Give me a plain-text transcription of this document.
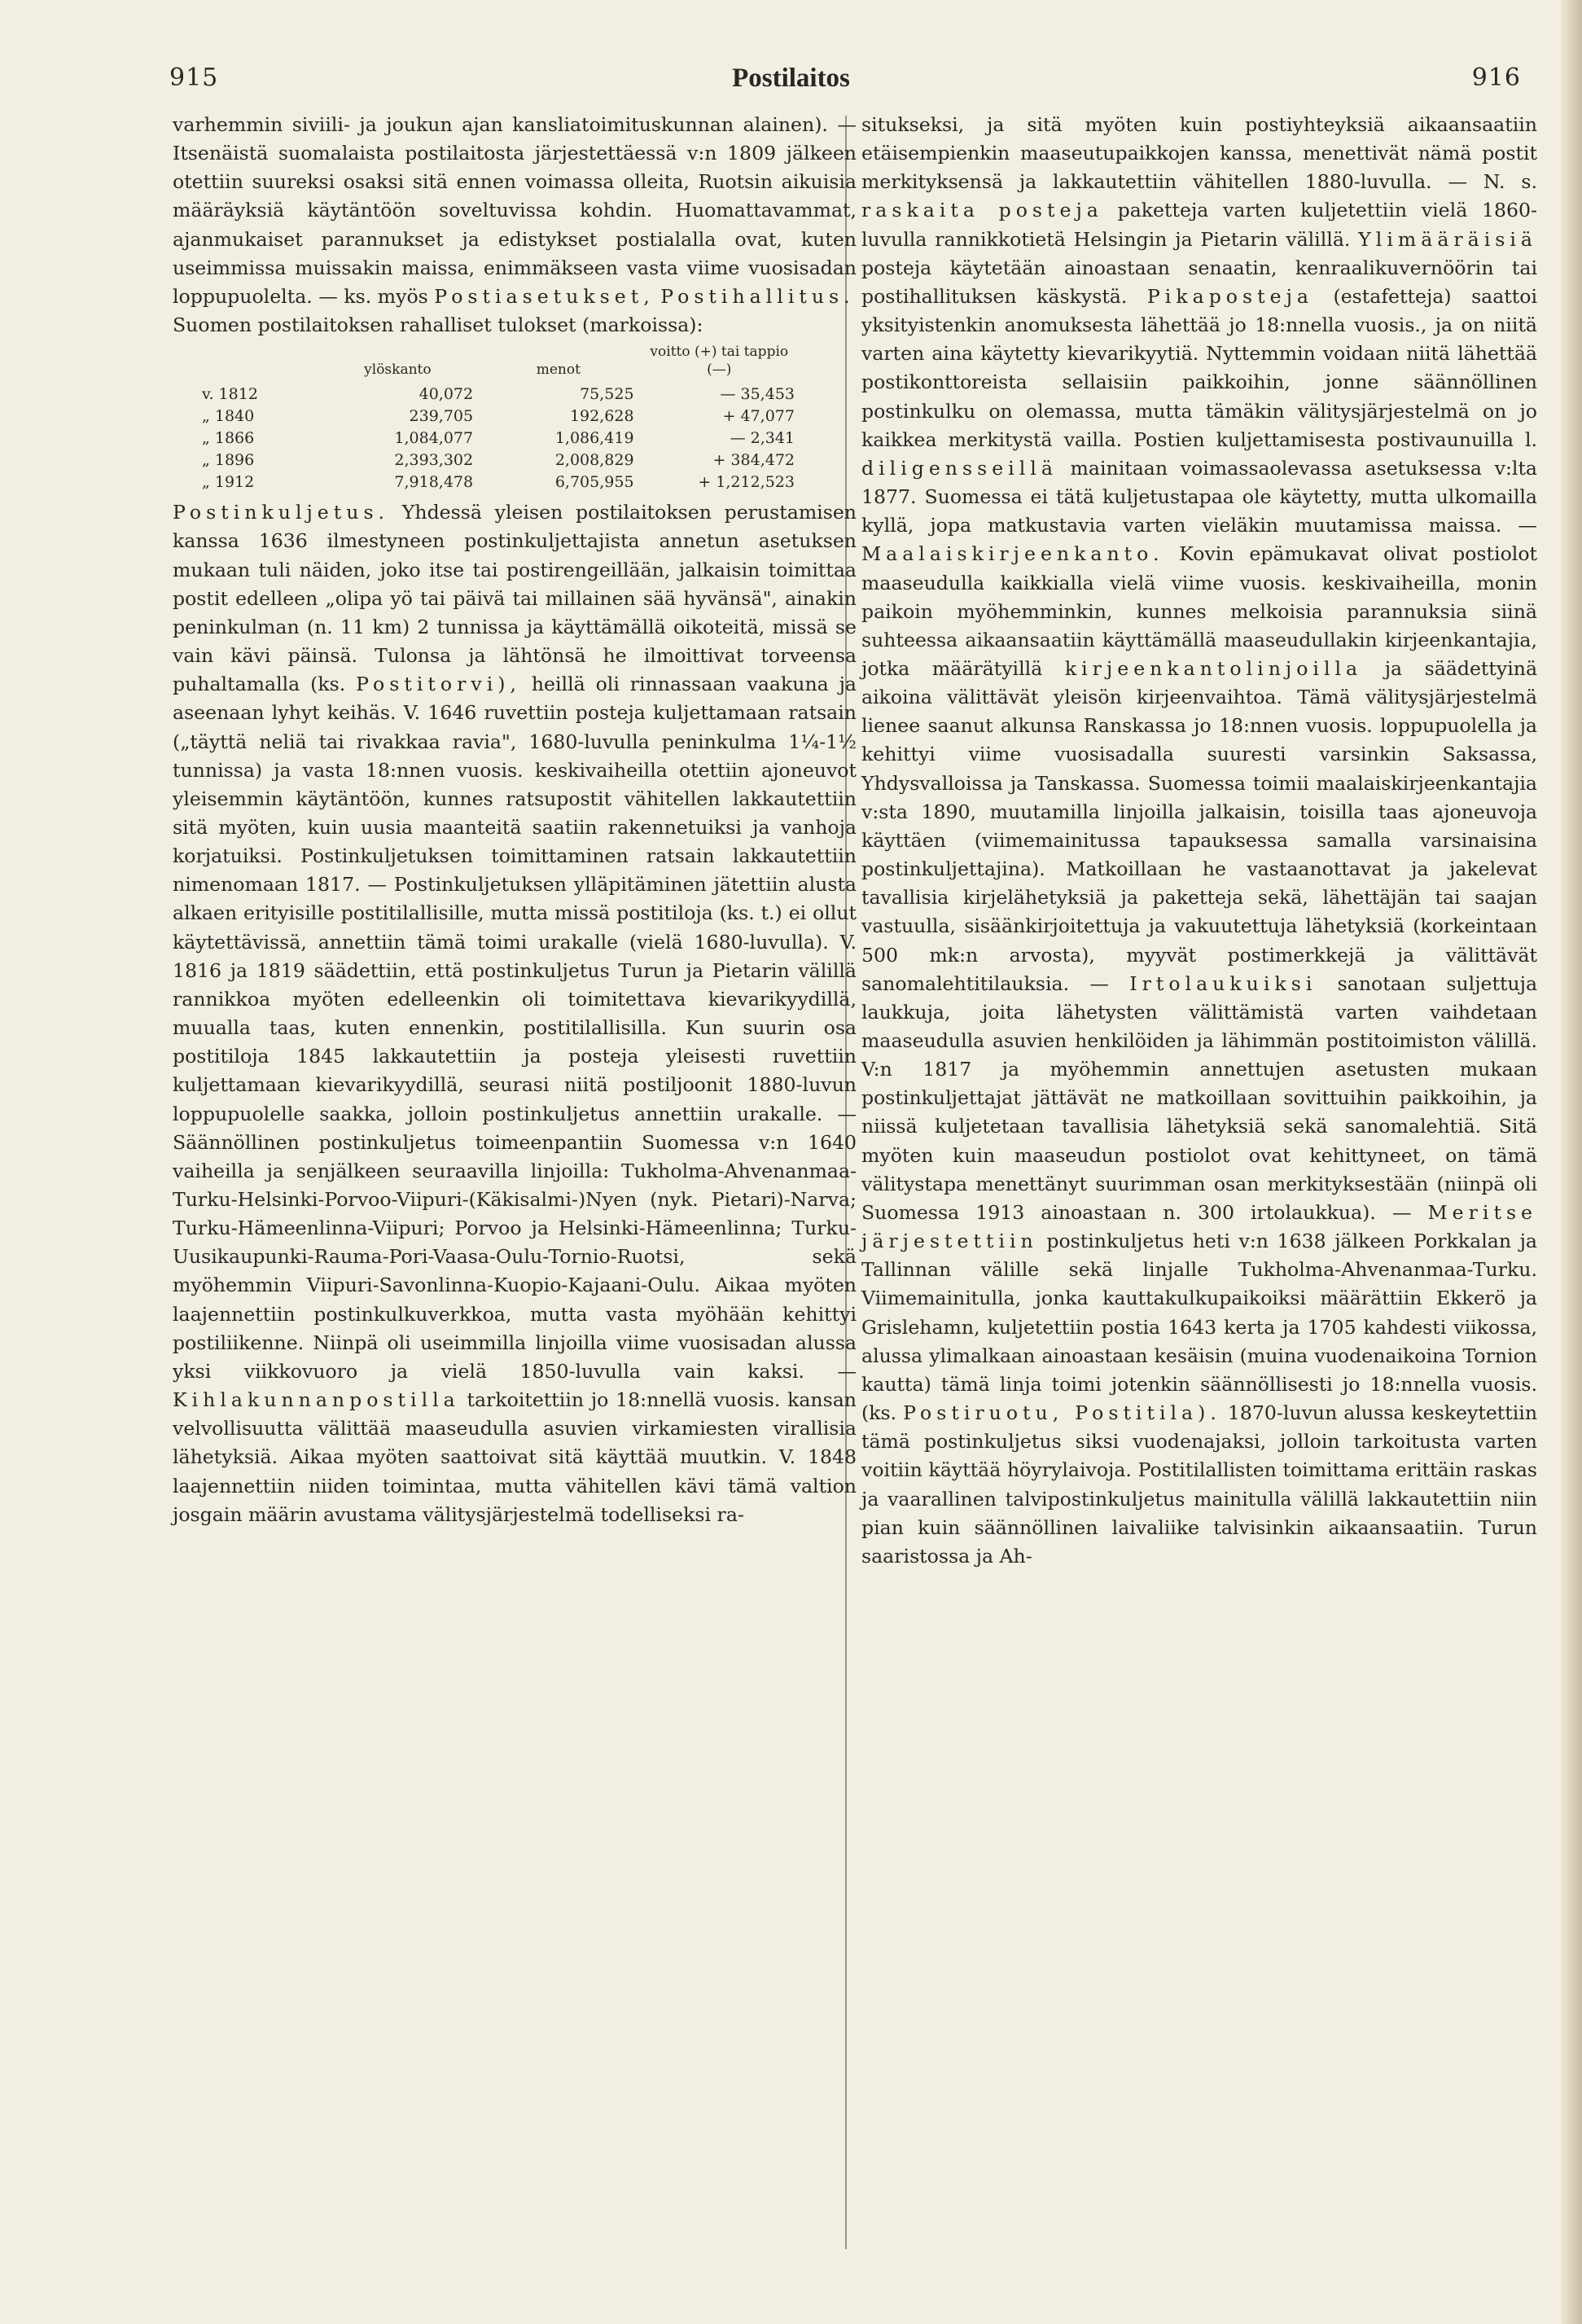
915	Postilaitos	916

varhemmin siviili- ja joukun ajan kansliatoimituskunnan alainen). — Itsenäistä suomalaista postilaitosta järjestettäessä v:n 1809 jälkeen otettiin suureksi osaksi sitä ennen voimassa olleita, Ruotsin aikuisia määräyksiä käytäntöön soveltuvissa kohdin. Huomattavammat, ajanmukaiset parannukset ja edistykset postialalla ovat, kuten useimmissa muissakin maissa, enimmäkseen vasta viime vuosisadan loppupuolelta. — ks. myös Postiasetukset, Postihallitus.

Suomen postilaitoksen rahalliset tulokset (markoissa):

	ylöskanto	menot	voitto (+) tai tappio (—)
v. 1812	40,072	75,525	— 35,453
„ 1840	239,705	192,628	+ 47,077
„ 1866	1,084,077	1,086,419	— 2,341
„ 1896	2,393,302	2,008,829	+ 384,472
„ 1912	7,918,478	6,705,955	+ 1,212,523

Postinkuljetus. Yhdessä yleisen postilaitoksen perustamisen kanssa 1636 ilmestyneen postinkuljettajista annetun asetuksen mukaan tuli näiden, joko itse tai postirengeillään, jalkaisin toimittaa postit edelleen „olipa yö tai päivä tai millainen sää hyvänsä", ainakin peninkulman (n. 11 km) 2 tunnissa ja käyttämällä oikoteitä, missä se vain kävi päinsä. Tulonsa ja lähtönsä he ilmoittivat torveensa puhaltamalla (ks. Postitorvi), heillä oli rinnassaan vaakuna ja aseenaan lyhyt keihäs. V. 1646 ruvettiin posteja kuljettamaan ratsain („täyttä neliä tai rivakkaa ravia", 1680-luvulla peninkulma 1¼-1½ tunnissa) ja vasta 18:nnen vuosis. keskivaiheilla otettiin ajoneuvot yleisemmin käytäntöön, kunnes ratsupostit vähitellen lakkautettiin sitä myöten, kuin uusia maanteitä saatiin rakennetuiksi ja vanhoja korjatuiksi. Postinkuljetuksen toimittaminen ratsain lakkautettiin nimenomaan 1817. — Postinkuljetuksen ylläpitäminen jätettiin alusta alkaen erityisille postitilallisille, mutta missä postitiloja (ks. t.) ei ollut käytettävissä, annettiin tämä toimi urakalle (vielä 1680-luvulla). V. 1816 ja 1819 säädettiin, että postinkuljetus Turun ja Pietarin välillä rannikkoa myöten edelleenkin oli toimitettava kievarikyydillä, muualla taas, kuten ennenkin, postitilallisilla. Kun suurin osa postitiloja 1845 lakkautettiin ja posteja yleisesti ruvettiin kuljettamaan kievarikyydillä, seurasi niitä postiljoonit 1880-luvun loppupuolelle saakka, jolloin postinkuljetus annettiin urakalle. — Säännöllinen postinkuljetus toimeenpantiin Suomessa v:n 1640 vaiheilla ja senjälkeen seuraavilla linjoilla: Tukholma-Ahvenanmaa-Turku-Helsinki-Porvoo-Viipuri-(Käkisalmi-)Nyen (nyk. Pietari)-Narva; Turku-Hämeenlinna-Viipuri; Porvoo ja Helsinki-Hämeenlinna; Turku-Uusikaupunki-Rauma-Pori-Vaasa-Oulu-Tornio-Ruotsi, sekä myöhemmin Viipuri-Savonlinna-Kuopio-Kajaani-Oulu. Aikaa myöten laajennettiin postinkulkuverkkoa, mutta vasta myöhään kehittyi postiliikenne. Niinpä oli useimmilla linjoilla viime vuosisadan alussa yksi viikkovuoro ja vielä 1850-luvulla vain kaksi. — Kihlakunnanpostilla tarkoitettiin jo 18:nnellä vuosis. kansan velvollisuutta välittää maaseudulla asuvien virkamiesten virallisia lähetyksiä. Aikaa myöten saattoivat sitä käyttää muutkin. V. 1848 laajennettiin niiden toimintaa, mutta vähitellen kävi tämä valtion josgain määrin avustama välitysjärjestelmä todelliseksi ra-

situkseksi, ja sitä myöten kuin postiyhteyksiä aikaansaatiin etäisempienkin maaseutupaikkojen kanssa, menettivät nämä postit merkityksensä ja lakkautettiin vähitellen 1880-luvulla. — N. s. raskaita posteja paketteja varten kuljetettiin vielä 1860-luvulla rannikkotietä Helsingin ja Pietarin välillä. Ylimääräisiä posteja käytetään ainoastaan senaatin, kenraalikuvernöörin tai postihallituksen käskystä. Pikaposteja (estafetteja) saattoi yksityistenkin anomuksesta lähettää jo 18:nnella vuosis., ja on niitä varten aina käytetty kievarikyytiä. Nyttemmin voidaan niitä lähettää postikonttoreista sellaisiin paikkoihin, jonne säännöllinen postinkulku on olemassa, mutta tämäkin välitysjärjestelmä on jo kaikkea merkitystä vailla. Postien kuljettamisesta postivaunuilla l. diligensseillä mainitaan voimassaolevassa asetuksessa v:lta 1877. Suomessa ei tätä kuljetustapaa ole käytetty, mutta ulkomailla kyllä, jopa matkustavia varten vieläkin muutamissa maissa. — Maalaiskirjeenkanto. Kovin epämukavat olivat postiolot maaseudulla kaikkialla vielä viime vuosis. keskivaiheilla, monin paikoin myöhemminkin, kunnes melkoisia parannuksia siinä suhteessa aikaansaatiin käyttämällä maaseudullakin kirjeenkantajia, jotka määrätyillä kirjeenkantolinjoilla ja säädettyinä aikoina välittävät yleisön kirjeenvaihtoa. Tämä välitysjärjestelmä lienee saanut alkunsa Ranskassa jo 18:nnen vuosis. loppupuolella ja kehittyi viime vuosisadalla suuresti varsinkin Saksassa, Yhdysvalloissa ja Tanskassa. Suomessa toimii maalaiskirjeenkantajia v:sta 1890, muutamilla linjoilla jalkaisin, toisilla taas ajoneuvoja käyttäen (viimemainitussa tapauksessa samalla varsinaisina postinkuljettajina). Matkoillaan he vastaanottavat ja jakelevat tavallisia kirjelähetyksiä ja paketteja sekä, lähettäjän tai saajan vastuulla, sisäänkirjoitettuja ja vakuutettuja lähetyksiä (korkeintaan 500 mk:n arvosta), myyvät postimerkkejä ja välittävät sanomalehtitilauksia. — Irtolaukuiksi sanotaan suljettuja laukkuja, joita lähetysten välittämistä varten vaihdetaan maaseudulla asuvien henkilöiden ja lähimmän postitoimiston välillä. V:n 1817 ja myöhemmin annettujen asetusten mukaan postinkuljettajat jättävät ne matkoillaan sovittuihin paikkoihin, ja niissä kuljetetaan tavallisia lähetyksiä sekä sanomalehtiä. Sitä myöten kuin maaseudun postiolot ovat kehittyneet, on tämä välitystapa menettänyt suurimman osan merkityksestään (niinpä oli Suomessa 1913 ainoastaan n. 300 irtolaukkua). — Meritse järjestettiin postinkuljetus heti v:n 1638 jälkeen Porkkalan ja Tallinnan välille sekä linjalle Tukholma-Ahvenanmaa-Turku. Viimemainitulla, jonka kauttakulkupaikoiksi määrättiin Ekkerö ja Grislehamn, kuljetettiin postia 1643 kerta ja 1705 kahdesti viikossa, alussa ylimalkaan ainoastaan kesäisin (muina vuodenaikoina Tornion kautta) tämä linja toimi jotenkin säännöllisesti jo 18:nnella vuosis. (ks. Postiruotu, Postitila). 1870-luvun alussa keskeytettiin tämä postinkuljetus siksi vuodenajaksi, jolloin tarkoitusta varten voitiin käyttää höyrylaivoja. Postitilallisten toimittama erittäin raskas ja vaarallinen talvipostinkuljetus mainitulla välillä lakkautettiin niin pian kuin säännöllinen laivaliike talvisinkin aikaansaatiin. Turun saaristossa ja Ah-
